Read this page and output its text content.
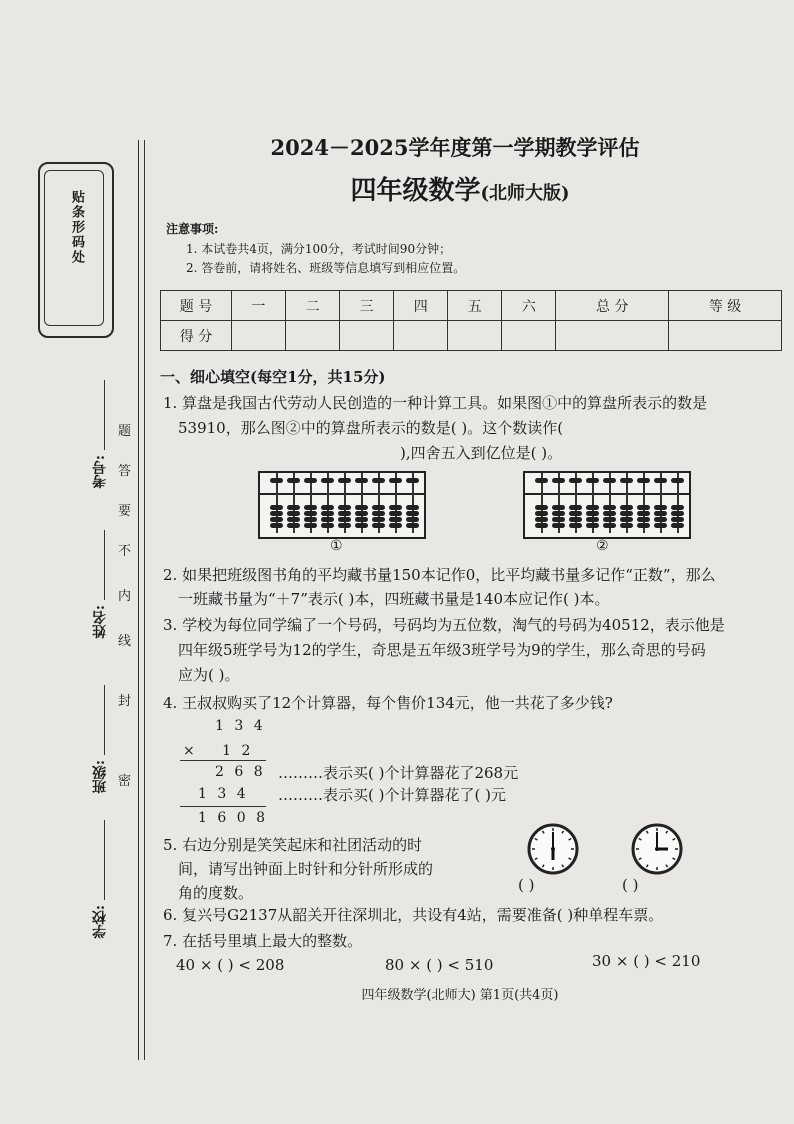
贴条形码处
学校:
班级:
姓名:
考号:
密
封
线
内
不
要
答
题
2024－2025学年度第一学期教学评估
四年级数学(北师大版)
注意事项:
1. 本试卷共4页，满分100分，考试时间90分钟；
2. 答卷前，请将姓名、班级等信息填写到相应位置。
题 号	一	二	三	四	五	六	总 分	等 级
得 分								
一、细心填空(每空1分，共15分)
1. 算盘是我国古代劳动人民创造的一种计算工具。如果图①中的算盘所表示的数是
53910，那么图②中的算盘所表示的数是( )。这个数读作(
),四舍五入到亿位是( )。
①	②
2. 如果把班级图书角的平均藏书量150本记作0，比平均藏书量多记作“正数”，那么
一班藏书量为“＋7”表示( )本，四班藏书量是140本应记作( )本。
3. 学校为每位同学编了一个号码，号码均为五位数，淘气的号码为40512，表示他是
四年级5班学号为12的学生，奇思是五年级3班学号为9的学生，那么奇思的号码
应为( )。
4. 王叔叔购买了12个计算器，每个售价134元，他一共花了多少钱?
1 3 4
× 　1 2
2 6 8
1 3 4
1 6 0 8
………表示买( )个计算器花了268元
………表示买( )个计算器花了( )元
5. 右边分别是笑笑起床和社团活动的时
间，请写出钟面上时针和分针所形成的
角的度数。	( )	( )
6. 复兴号G2137从韶关开往深圳北，共设有4站，需要准备( )种单程车票。
7. 在括号里填上最大的整数。
40 × ( ) < 208	80 × ( ) < 510	30 × ( ) < 210
四年级数学(北师大) 第1页(共4页)
